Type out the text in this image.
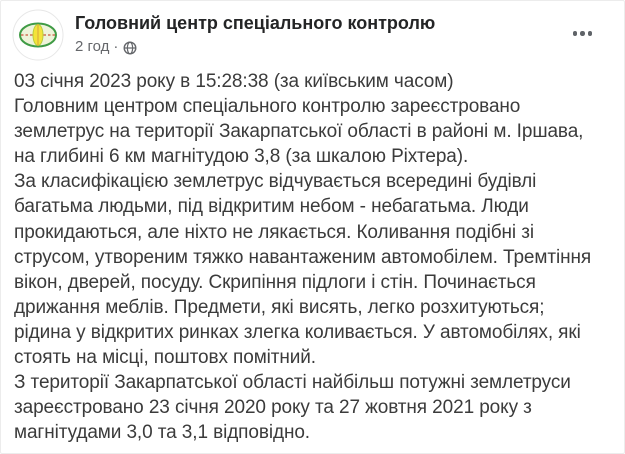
Головний центр спеціального контролю
2 год ·

03 січня 2023 року в 15:28:38 (за київським часом)

Головним центром спеціального контролю зареєстровано землетрус на території Закарпатської області в районі м. Іршава, на глибині 6 км магнітудою 3,8 (за шкалою Ріхтера).

За класифікацією землетрус відчувається всередині будівлі багатьма людьми, під відкритим небом - небагатьма. Люди прокидаються, але ніхто не лякається. Коливання подібні зі струсом, утвореним тяжко навантаженим автомобілем. Тремтіння вікон, дверей, посуду. Скрипіння підлоги і стін. Починається дрижання меблів. Предмети, які висять, легко розхитуються; рідина у відкритих ринках злегка коливається. У автомобілях, які стоять на місці, поштовх помітний.

З території Закарпатської області найбільш потужні землетруси зареєстровано 23 січня 2020 року та 27 жовтня 2021 року з магнітудами 3,0 та 3,1 відповідно.
